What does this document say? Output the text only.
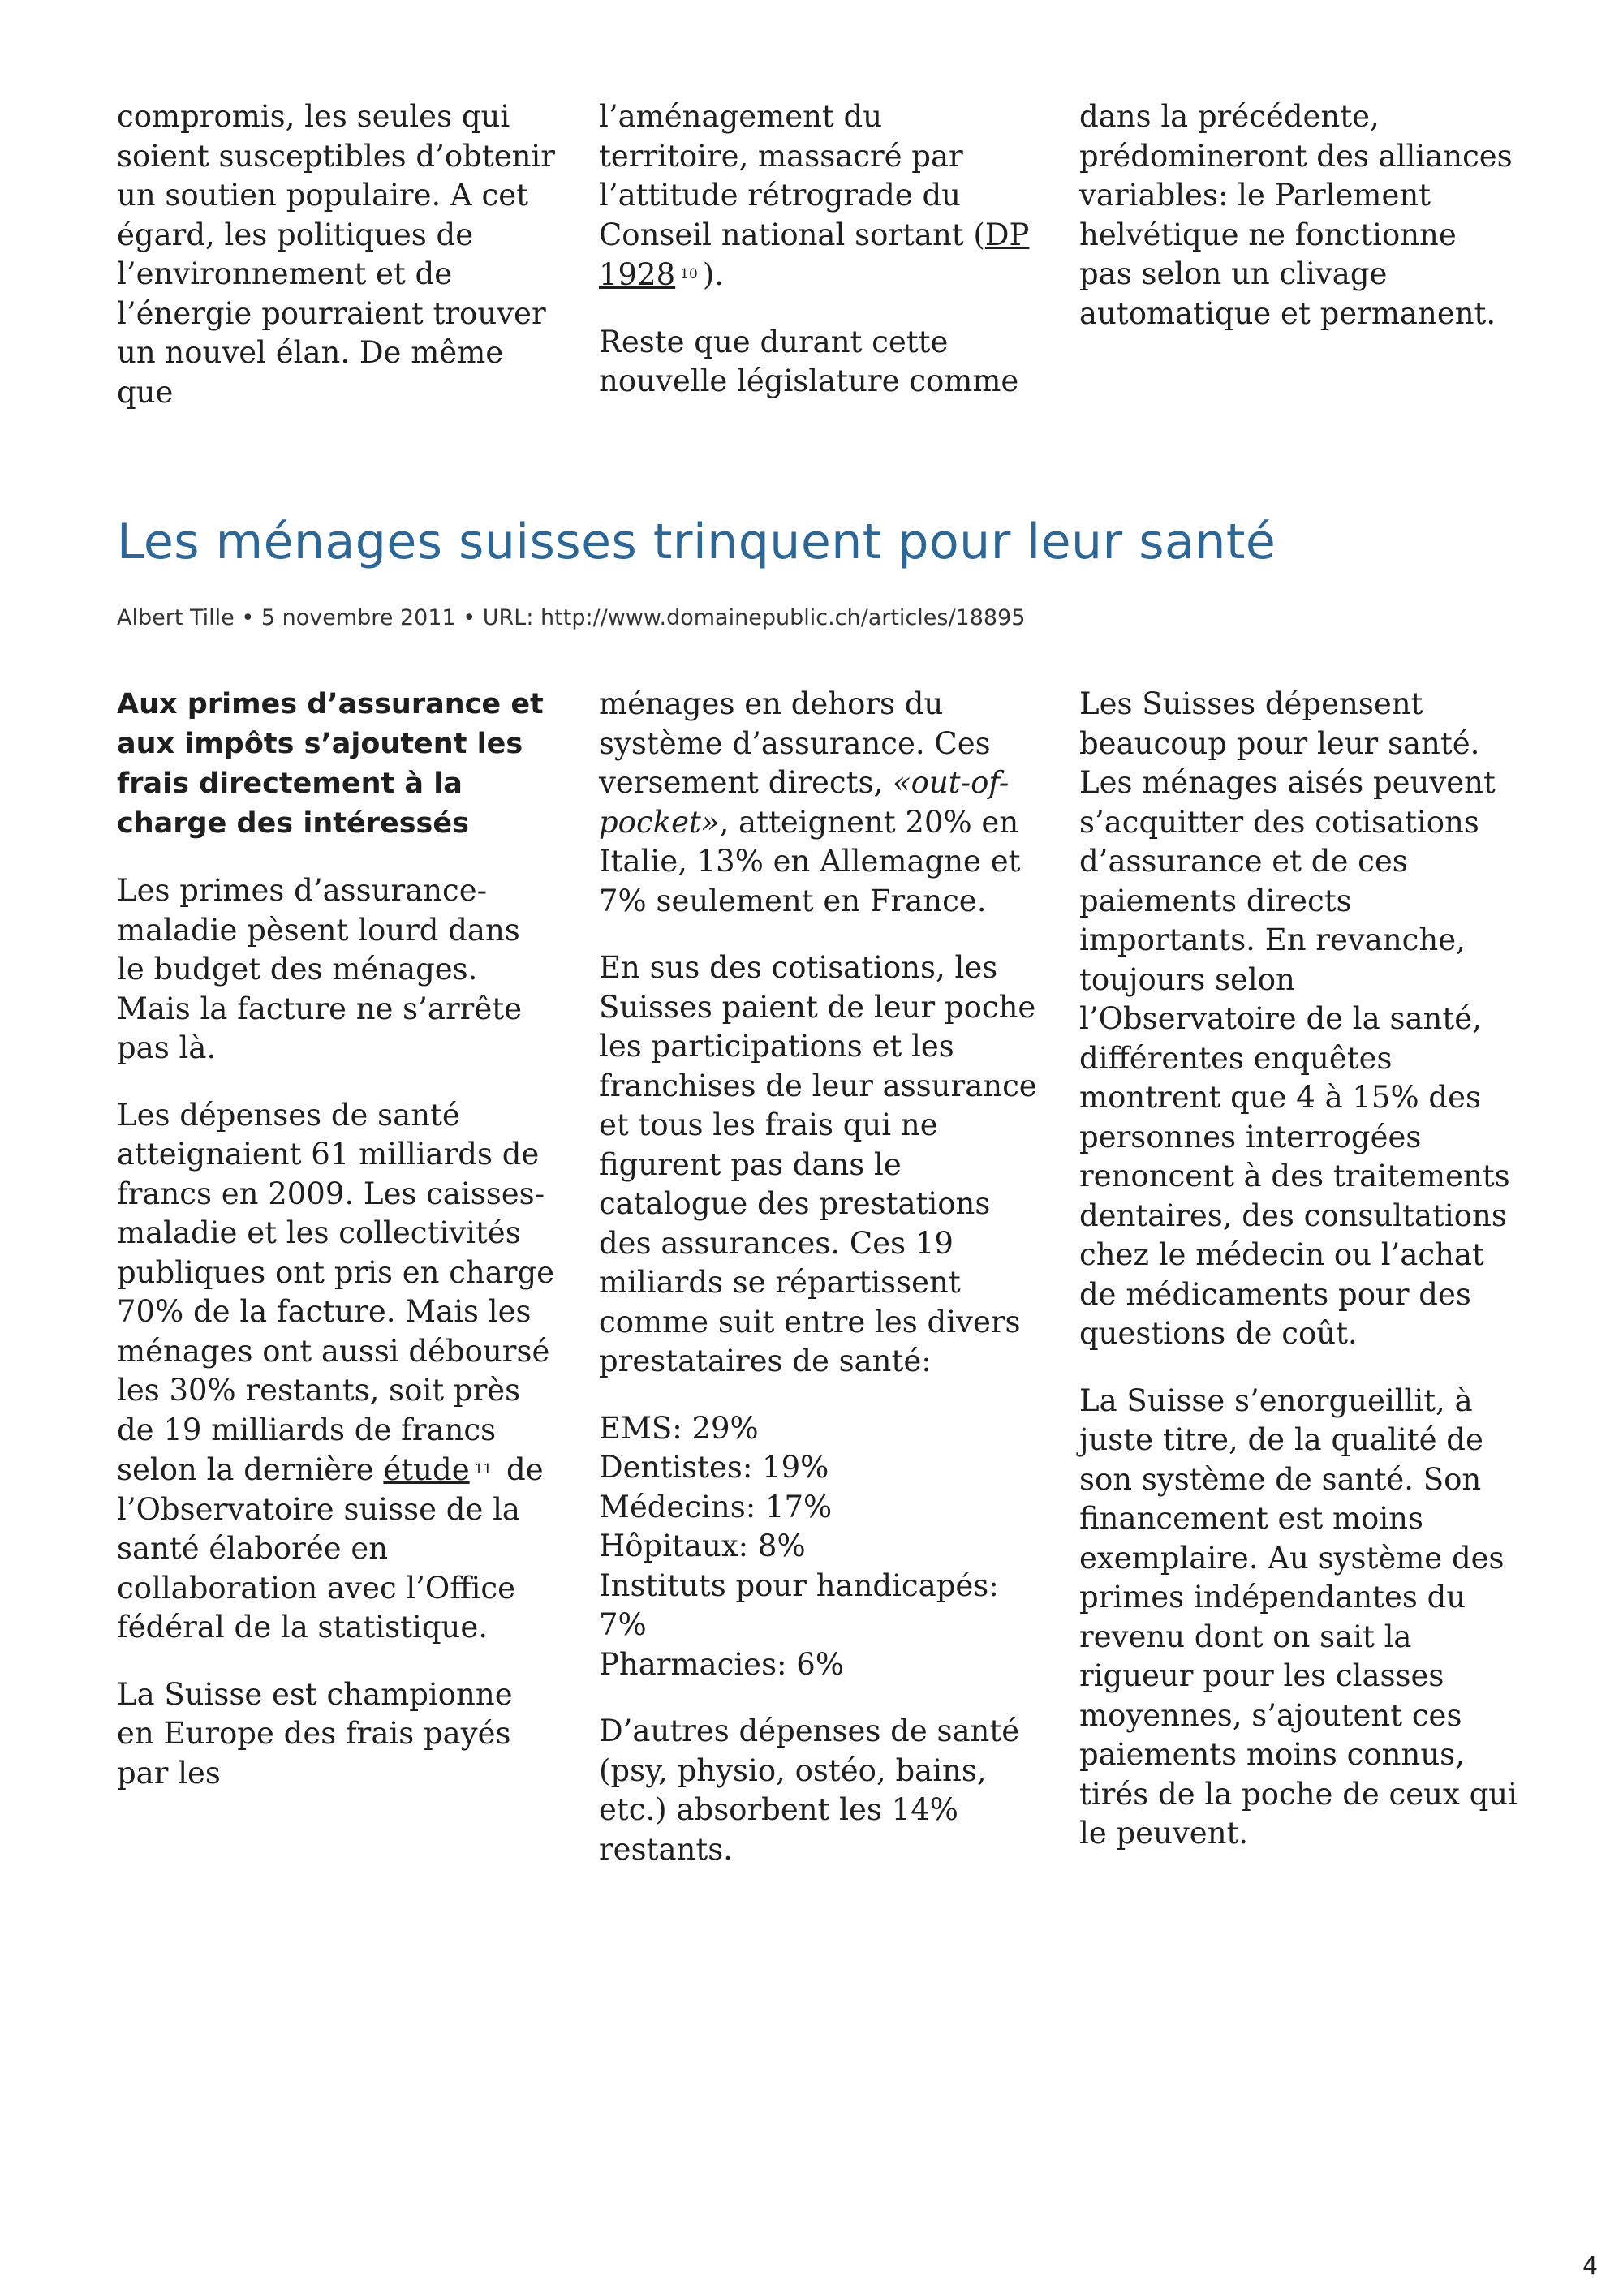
compromis, les seules qui soient susceptibles d’obtenir un soutien populaire. A cet égard, les politiques de l’environnement et de l’énergie pourraient trouver un nouvel élan. De même que

l’aménagement du territoire, massacré par l’attitude rétrograde du Conseil national sortant (DP 1928 $^{10}$ ).

Reste que durant cette nouvelle législature comme

dans la précédente, prédomineront des alliances variables: le Parlement helvétique ne fonctionne pas selon un clivage automatique et permanent.

Les ménages suisses trinquent pour leur santé
Albert Tille • 5 novembre 2011 • URL: http://www.domainepublic.ch/articles/18895

Aux primes d’assurance et aux impôts s’ajoutent les frais directement à la charge des intéressés

Les primes d’assurance-maladie pèsent lourd dans le budget des ménages. Mais la facture ne s’arrête pas là.

Les dépenses de santé atteignaient 61 milliards de francs en 2009. Les caisses-maladie et les collectivités publiques ont pris en charge 70% de la facture. Mais les ménages ont aussi déboursé les 30% restants, soit près de 19 milliards de francs selon la dernière étude $^{11}$ de l’Observatoire suisse de la santé élaborée en collaboration avec l’Office fédéral de la statistique.

La Suisse est championne en Europe des frais payés par les

ménages en dehors du système d’assurance. Ces versement directs, «out-of-pocket», atteignent 20% en Italie, 13% en Allemagne et 7% seulement en France.

En sus des cotisations, les Suisses paient de leur poche les participations et les franchises de leur assurance et tous les frais qui ne figurent pas dans le catalogue des prestations des assurances. Ces 19 miliards se répartissent comme suit entre les divers prestataires de santé:

EMS: 29%
Dentistes: 19%
Médecins: 17%
Hôpitaux: 8%
Instituts pour handicapés: 7%
Pharmacies: 6%

D’autres dépenses de santé (psy, physio, ostéo, bains, etc.) absorbent les 14% restants.

Les Suisses dépensent beaucoup pour leur santé. Les ménages aisés peuvent s’acquitter des cotisations d’assurance et de ces paiements directs importants. En revanche, toujours selon l’Observatoire de la santé, différentes enquêtes montrent que 4 à 15% des personnes interrogées renoncent à des traitements dentaires, des consultations chez le médecin ou l’achat de médicaments pour des questions de coût.

La Suisse s’enorgueillit, à juste titre, de la qualité de son système de santé. Son financement est moins exemplaire. Au système des primes indépendantes du revenu dont on sait la rigueur pour les classes moyennes, s’ajoutent ces paiements moins connus, tirés de la poche de ceux qui le peuvent.

4
